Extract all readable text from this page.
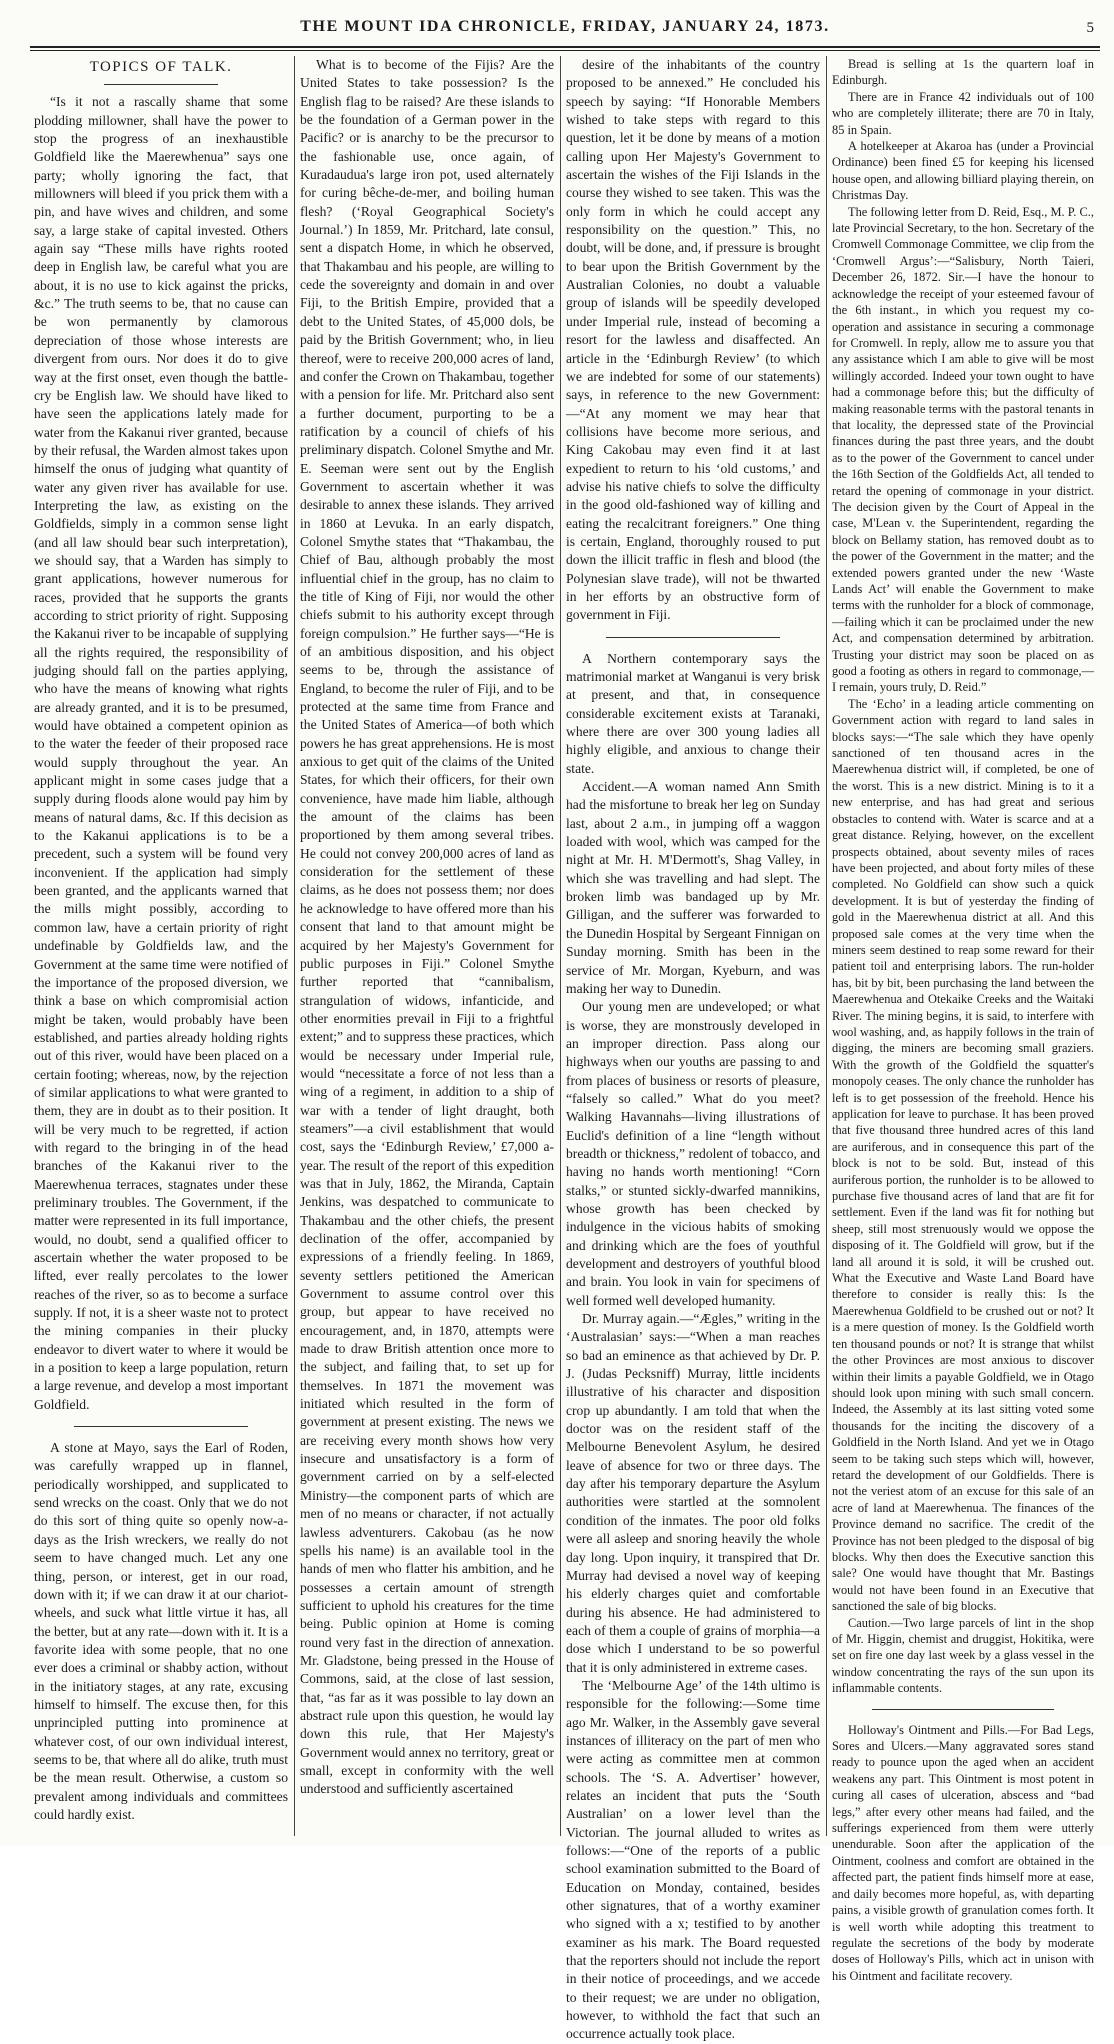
THE MOUNT IDA CHRONICLE, FRIDAY, JANUARY 24, 1873.	5

TOPICS OF TALK.

“Is it not a rascally shame that some plodding millowner, shall have the power to stop the progress of an inexhaustible Goldfield like the Maerewhenua” says one party; wholly ignoring the fact, that millowners will bleed if you prick them with a pin, and have wives and children, and some say, a large stake of capital invested. Others again say “These mills have rights rooted deep in English law, be careful what you are about, it is no use to kick against the pricks, &c.” The truth seems to be, that no cause can be won permanently by clamorous depreciation of those whose interests are divergent from ours. Nor does it do to give way at the first onset, even though the battle-cry be English law. We should have liked to have seen the applications lately made for water from the Kakanui river granted, because by their refusal, the Warden almost takes upon himself the onus of judging what quantity of water any given river has available for use. Interpreting the law, as existing on the Goldfields, simply in a common sense light (and all law should bear such interpretation), we should say, that a Warden has simply to grant applications, however numerous for races, provided that he supports the grants according to strict priority of right. Supposing the Kakanui river to be incapable of supplying all the rights required, the responsibility of judging should fall on the parties applying, who have the means of knowing what rights are already granted, and it is to be presumed, would have obtained a competent opinion as to the water the feeder of their proposed race would supply throughout the year. An applicant might in some cases judge that a supply during floods alone would pay him by means of natural dams, &c. If this decision as to the Kakanui applications is to be a precedent, such a system will be found very inconvenient. If the application had simply been granted, and the applicants warned that the mills might possibly, according to common law, have a certain priority of right undefinable by Goldfields law, and the Government at the same time were notified of the importance of the proposed diversion, we think a base on which compromisial action might be taken, would probably have been established, and parties already holding rights out of this river, would have been placed on a certain footing; whereas, now, by the rejection of similar applications to what were granted to them, they are in doubt as to their position. It will be very much to be regretted, if action with regard to the bringing in of the head branches of the Kakanui river to the Maerewhenua terraces, stagnates under these preliminary troubles. The Government, if the matter were represented in its full importance, would, no doubt, send a qualified officer to ascertain whether the water proposed to be lifted, ever really percolates to the lower reaches of the river, so as to become a surface supply. If not, it is a sheer waste not to protect the mining companies in their plucky endeavor to divert water to where it would be in a position to keep a large population, return a large revenue, and develop a most important Goldfield.

A stone at Mayo, says the Earl of Roden, was carefully wrapped up in flannel, periodically worshipped, and supplicated to send wrecks on the coast. Only that we do not do this sort of thing quite so openly now-a-days as the Irish wreckers, we really do not seem to have changed much. Let any one thing, person, or interest, get in our road, down with it; if we can draw it at our chariot-wheels, and suck what little virtue it has, all the better, but at any rate—down with it. It is a favorite idea with some people, that no one ever does a criminal or shabby action, without in the initiatory stages, at any rate, excusing himself to himself. The excuse then, for this unprincipled putting into prominence at whatever cost, of our own individual interest, seems to be, that where all do alike, truth must be the mean result. Otherwise, a custom so prevalent among individuals and committees could hardly exist.

What is to become of the Fijis? Are the United States to take possession? Is the English flag to be raised? Are these islands to be the foundation of a German power in the Pacific? or is anarchy to be the precursor to the fashionable use, once again, of Kuradaudua's large iron pot, used alternately for curing bêche-de-mer, and boiling human flesh? (‘Royal Geographical Society's Journal.’) In 1859, Mr. Pritchard, late consul, sent a dispatch Home, in which he observed, that Thakambau and his people, are willing to cede the sovereignty and domain in and over Fiji, to the British Empire, provided that a debt to the United States, of 45,000 dols, be paid by the British Government; who, in lieu thereof, were to receive 200,000 acres of land, and confer the Crown on Thakambau, together with a pension for life. Mr. Pritchard also sent a further document, purporting to be a ratification by a council of chiefs of his preliminary dispatch. Colonel Smythe and Mr. E. Seeman were sent out by the English Government to ascertain whether it was desirable to annex these islands. They arrived in 1860 at Levuka. In an early dispatch, Colonel Smythe states that “Thakambau, the Chief of Bau, although probably the most influential chief in the group, has no claim to the title of King of Fiji, nor would the other chiefs submit to his authority except through foreign compulsion.” He further says—“He is of an ambitious disposition, and his object seems to be, through the assistance of England, to become the ruler of Fiji, and to be protected at the same time from France and the United States of America—of both which powers he has great apprehensions. He is most anxious to get quit of the claims of the United States, for which their officers, for their own convenience, have made him liable, although the amount of the claims has been proportioned by them among several tribes. He could not convey 200,000 acres of land as consideration for the settlement of these claims, as he does not possess them; nor does he acknowledge to have offered more than his consent that land to that amount might be acquired by her Majesty's Government for public purposes in Fiji.” Colonel Smythe further reported that “cannibalism, strangulation of widows, infanticide, and other enormities prevail in Fiji to a frightful extent;” and to suppress these practices, which would be necessary under Imperial rule, would “necessitate a force of not less than a wing of a regiment, in addition to a ship of war with a tender of light draught, both steamers”—a civil establishment that would cost, says the ‘Edinburgh Review,’ £7,000 a-year. The result of the report of this expedition was that in July, 1862, the Miranda, Captain Jenkins, was despatched to communicate to Thakambau and the other chiefs, the present declination of the offer, accompanied by expressions of a friendly feeling. In 1869, seventy settlers petitioned the American Government to assume control over this group, but appear to have received no encouragement, and, in 1870, attempts were made to draw British attention once more to the subject, and failing that, to set up for themselves. In 1871 the movement was initiated which resulted in the form of government at present existing. The news we are receiving every month shows how very insecure and unsatisfactory is a form of government carried on by a self-elected Ministry—the component parts of which are men of no means or character, if not actually lawless adventurers. Cakobau (as he now spells his name) is an available tool in the hands of men who flatter his ambition, and he possesses a certain amount of strength sufficient to uphold his creatures for the time being. Public opinion at Home is coming round very fast in the direction of annexation. Mr. Gladstone, being pressed in the House of Commons, said, at the close of last session, that, “as far as it was possible to lay down an abstract rule upon this question, he would lay down this rule, that Her Majesty's Government would annex no territory, great or small, except in conformity with the well understood and sufficiently ascertained

desire of the inhabitants of the country proposed to be annexed.” He concluded his speech by saying: “If Honorable Members wished to take steps with regard to this question, let it be done by means of a motion calling upon Her Majesty's Government to ascertain the wishes of the Fiji Islands in the course they wished to see taken. This was the only form in which he could accept any responsibility on the question.” This, no doubt, will be done, and, if pressure is brought to bear upon the British Government by the Australian Colonies, no doubt a valuable group of islands will be speedily developed under Imperial rule, instead of becoming a resort for the lawless and disaffected. An article in the ‘Edinburgh Review’ (to which we are indebted for some of our statements) says, in reference to the new Government:—“At any moment we may hear that collisions have become more serious, and King Cakobau may even find it at last expedient to return to his ‘old customs,’ and advise his native chiefs to solve the difficulty in the good old-fashioned way of killing and eating the recalcitrant foreigners.” One thing is certain, England, thoroughly roused to put down the illicit traffic in flesh and blood (the Polynesian slave trade), will not be thwarted in her efforts by an obstructive form of government in Fiji.

A Northern contemporary says the matrimonial market at Wanganui is very brisk at present, and that, in consequence considerable excitement exists at Taranaki, where there are over 300 young ladies all highly eligible, and anxious to change their state.

Accident.—A woman named Ann Smith had the misfortune to break her leg on Sunday last, about 2 a.m., in jumping off a waggon loaded with wool, which was camped for the night at Mr. H. M'Dermott's, Shag Valley, in which she was travelling and had slept. The broken limb was bandaged up by Mr. Gilligan, and the sufferer was forwarded to the Dunedin Hospital by Sergeant Finnigan on Sunday morning. Smith has been in the service of Mr. Morgan, Kyeburn, and was making her way to Dunedin.

Our young men are undeveloped; or what is worse, they are monstrously developed in an improper direction. Pass along our highways when our youths are passing to and from places of business or resorts of pleasure, “falsely so called.” What do you meet? Walking Havannahs—living illustrations of Euclid's definition of a line “length without breadth or thickness,” redolent of tobacco, and having no hands worth mentioning! “Corn stalks,” or stunted sickly-dwarfed mannikins, whose growth has been checked by indulgence in the vicious habits of smoking and drinking which are the foes of youthful development and destroyers of youthful blood and brain. You look in vain for specimens of well formed well developed humanity.

Dr. Murray again.—“Ægles,” writing in the ‘Australasian’ says:—“When a man reaches so bad an eminence as that achieved by Dr. P. J. (Judas Pecksniff) Murray, little incidents illustrative of his character and disposition crop up abundantly. I am told that when the doctor was on the resident staff of the Melbourne Benevolent Asylum, he desired leave of absence for two or three days. The day after his temporary departure the Asylum authorities were startled at the somnolent condition of the inmates. The poor old folks were all asleep and snoring heavily the whole day long. Upon inquiry, it transpired that Dr. Murray had devised a novel way of keeping his elderly charges quiet and comfortable during his absence. He had administered to each of them a couple of grains of morphia—a dose which I understand to be so powerful that it is only administered in extreme cases.

The ‘Melbourne Age’ of the 14th ultimo is responsible for the following:—Some time ago Mr. Walker, in the Assembly gave several instances of illiteracy on the part of men who were acting as committee men at common schools. The ‘S. A. Advertiser’ however, relates an incident that puts the ‘South Australian’ on a lower level than the Victorian. The journal alluded to writes as follows:—“One of the reports of a public school examination submitted to the Board of Education on Monday, contained, besides other signatures, that of a worthy examiner who signed with a x; testified to by another examiner as his mark. The Board requested that the reporters should not include the report in their notice of proceedings, and we accede to their request; we are under no obligation, however, to withhold the fact that such an occurrence actually took place.

Bread is selling at 1s the quartern loaf in Edinburgh.

There are in France 42 individuals out of 100 who are completely illiterate; there are 70 in Italy, 85 in Spain.

A hotelkeeper at Akaroa has (under a Provincial Ordinance) been fined £5 for keeping his licensed house open, and allowing billiard playing therein, on Christmas Day.

The following letter from D. Reid, Esq., M. P. C., late Provincial Secretary, to the hon. Secretary of the Cromwell Commonage Committee, we clip from the ‘Cromwell Argus’:—“Salisbury, North Taieri, December 26, 1872. Sir.—I have the honour to acknowledge the receipt of your esteemed favour of the 6th instant., in which you request my co-operation and assistance in securing a commonage for Cromwell. In reply, allow me to assure you that any assistance which I am able to give will be most willingly accorded. Indeed your town ought to have had a commonage before this; but the difficulty of making reasonable terms with the pastoral tenants in that locality, the depressed state of the Provincial finances during the past three years, and the doubt as to the power of the Government to cancel under the 16th Section of the Goldfields Act, all tended to retard the opening of commonage in your district. The decision given by the Court of Appeal in the case, M'Lean v. the Superintendent, regarding the block on Bellamy station, has removed doubt as to the power of the Government in the matter; and the extended powers granted under the new ‘Waste Lands Act’ will enable the Government to make terms with the runholder for a block of commonage,—failing which it can be proclaimed under the new Act, and compensation determined by arbitration. Trusting your district may soon be placed on as good a footing as others in regard to commonage,—I remain, yours truly, D. Reid.”

The ‘Echo’ in a leading article commenting on Government action with regard to land sales in blocks says:—“The sale which they have openly sanctioned of ten thousand acres in the Maerewhenua district will, if completed, be one of the worst. This is a new district. Mining is to it a new enterprise, and has had great and serious obstacles to contend with. Water is scarce and at a great distance. Relying, however, on the excellent prospects obtained, about seventy miles of races have been projected, and about forty miles of these completed. No Goldfield can show such a quick development. It is but of yesterday the finding of gold in the Maerewhenua district at all. And this proposed sale comes at the very time when the miners seem destined to reap some reward for their patient toil and enterprising labors. The run-holder has, bit by bit, been purchasing the land between the Maerewhenua and Otekaike Creeks and the Waitaki River. The mining begins, it is said, to interfere with wool washing, and, as happily follows in the train of digging, the miners are becoming small graziers. With the growth of the Goldfield the squatter's monopoly ceases. The only chance the runholder has left is to get possession of the freehold. Hence his application for leave to purchase. It has been proved that five thousand three hundred acres of this land are auriferous, and in consequence this part of the block is not to be sold. But, instead of this auriferous portion, the runholder is to be allowed to purchase five thousand acres of land that are fit for settlement. Even if the land was fit for nothing but sheep, still most strenuously would we oppose the disposing of it. The Goldfield will grow, but if the land all around it is sold, it will be crushed out. What the Executive and Waste Land Board have therefore to consider is really this: Is the Maerewhenua Goldfield to be crushed out or not? It is a mere question of money. Is the Goldfield worth ten thousand pounds or not? It is strange that whilst the other Provinces are most anxious to discover within their limits a payable Goldfield, we in Otago should look upon mining with such small concern. Indeed, the Assembly at its last sitting voted some thousands for the inciting the discovery of a Goldfield in the North Island. And yet we in Otago seem to be taking such steps which will, however, retard the development of our Goldfields. There is not the veriest atom of an excuse for this sale of an acre of land at Maerewhenua. The finances of the Province demand no sacrifice. The credit of the Province has not been pledged to the disposal of big blocks. Why then does the Executive sanction this sale? One would have thought that Mr. Bastings would not have been found in an Executive that sanctioned the sale of big blocks.

Caution.—Two large parcels of lint in the shop of Mr. Higgin, chemist and druggist, Hokitika, were set on fire one day last week by a glass vessel in the window concentrating the rays of the sun upon its inflammable contents.

Holloway's Ointment and Pills.—For Bad Legs, Sores and Ulcers.—Many aggravated sores stand ready to pounce upon the aged when an accident weakens any part. This Ointment is most potent in curing all cases of ulceration, abscess and “bad legs,” after every other means had failed, and the sufferings experienced from them were utterly unendurable. Soon after the application of the Ointment, coolness and comfort are obtained in the affected part, the patient finds himself more at ease, and daily becomes more hopeful, as, with departing pains, a visible growth of granulation comes forth. It is well worth while adopting this treatment to regulate the secretions of the body by moderate doses of Holloway's Pills, which act in unison with his Ointment and facilitate recovery.
